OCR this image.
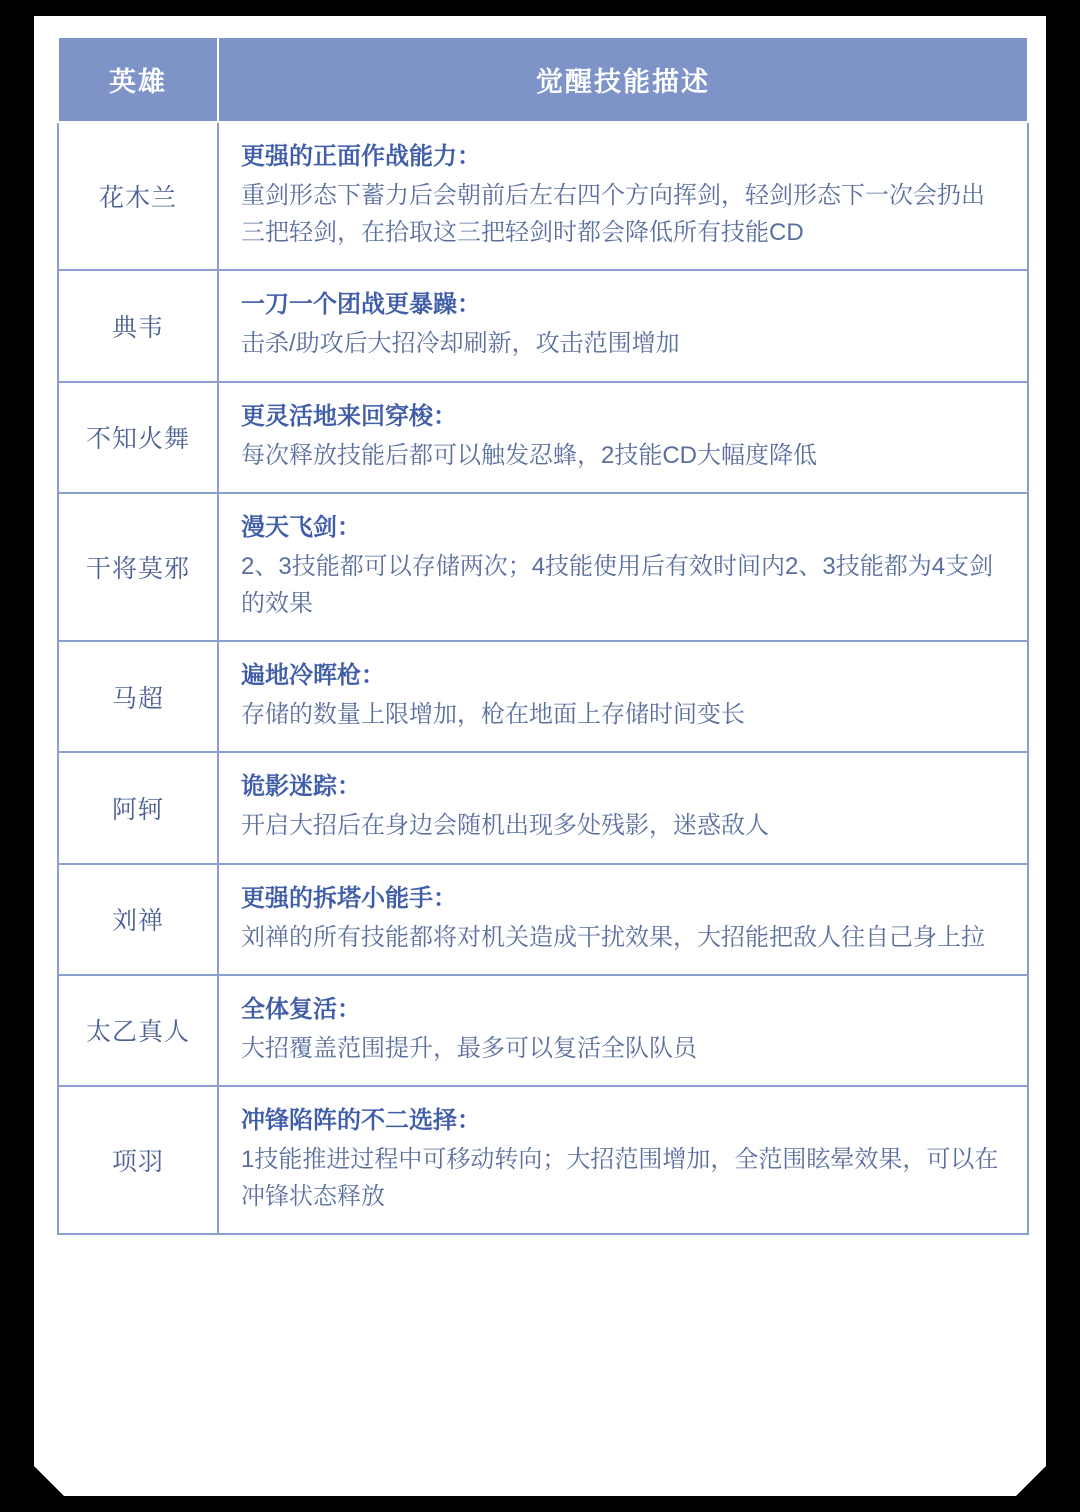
英雄	觉醒技能描述
花木兰	更强的正面作战能力：
重剑形态下蓄力后会朝前后左右四个方向挥剑，轻剑形态下一次会扔出三把轻剑，在拾取这三把轻剑时都会降低所有技能CD

典韦	一刀一个团战更暴躁：
击杀/助攻后大招冷却刷新，攻击范围增加

不知火舞	更灵活地来回穿梭：
每次释放技能后都可以触发忍蜂，2技能CD大幅度降低

干将莫邪	漫天飞剑：
2、3技能都可以存储两次；4技能使用后有效时间内2、3技能都为4支剑的效果

马超	遍地冷晖枪：
存储的数量上限增加，枪在地面上存储时间变长

阿轲	诡影迷踪：
开启大招后在身边会随机出现多处残影，迷惑敌人

刘禅	更强的拆塔小能手：
刘禅的所有技能都将对机关造成干扰效果，大招能把敌人往自己身上拉

太乙真人	全体复活：
大招覆盖范围提升，最多可以复活全队队员

项羽	冲锋陷阵的不二选择：
1技能推进过程中可移动转向；大招范围增加，全范围眩晕效果，可以在冲锋状态释放
